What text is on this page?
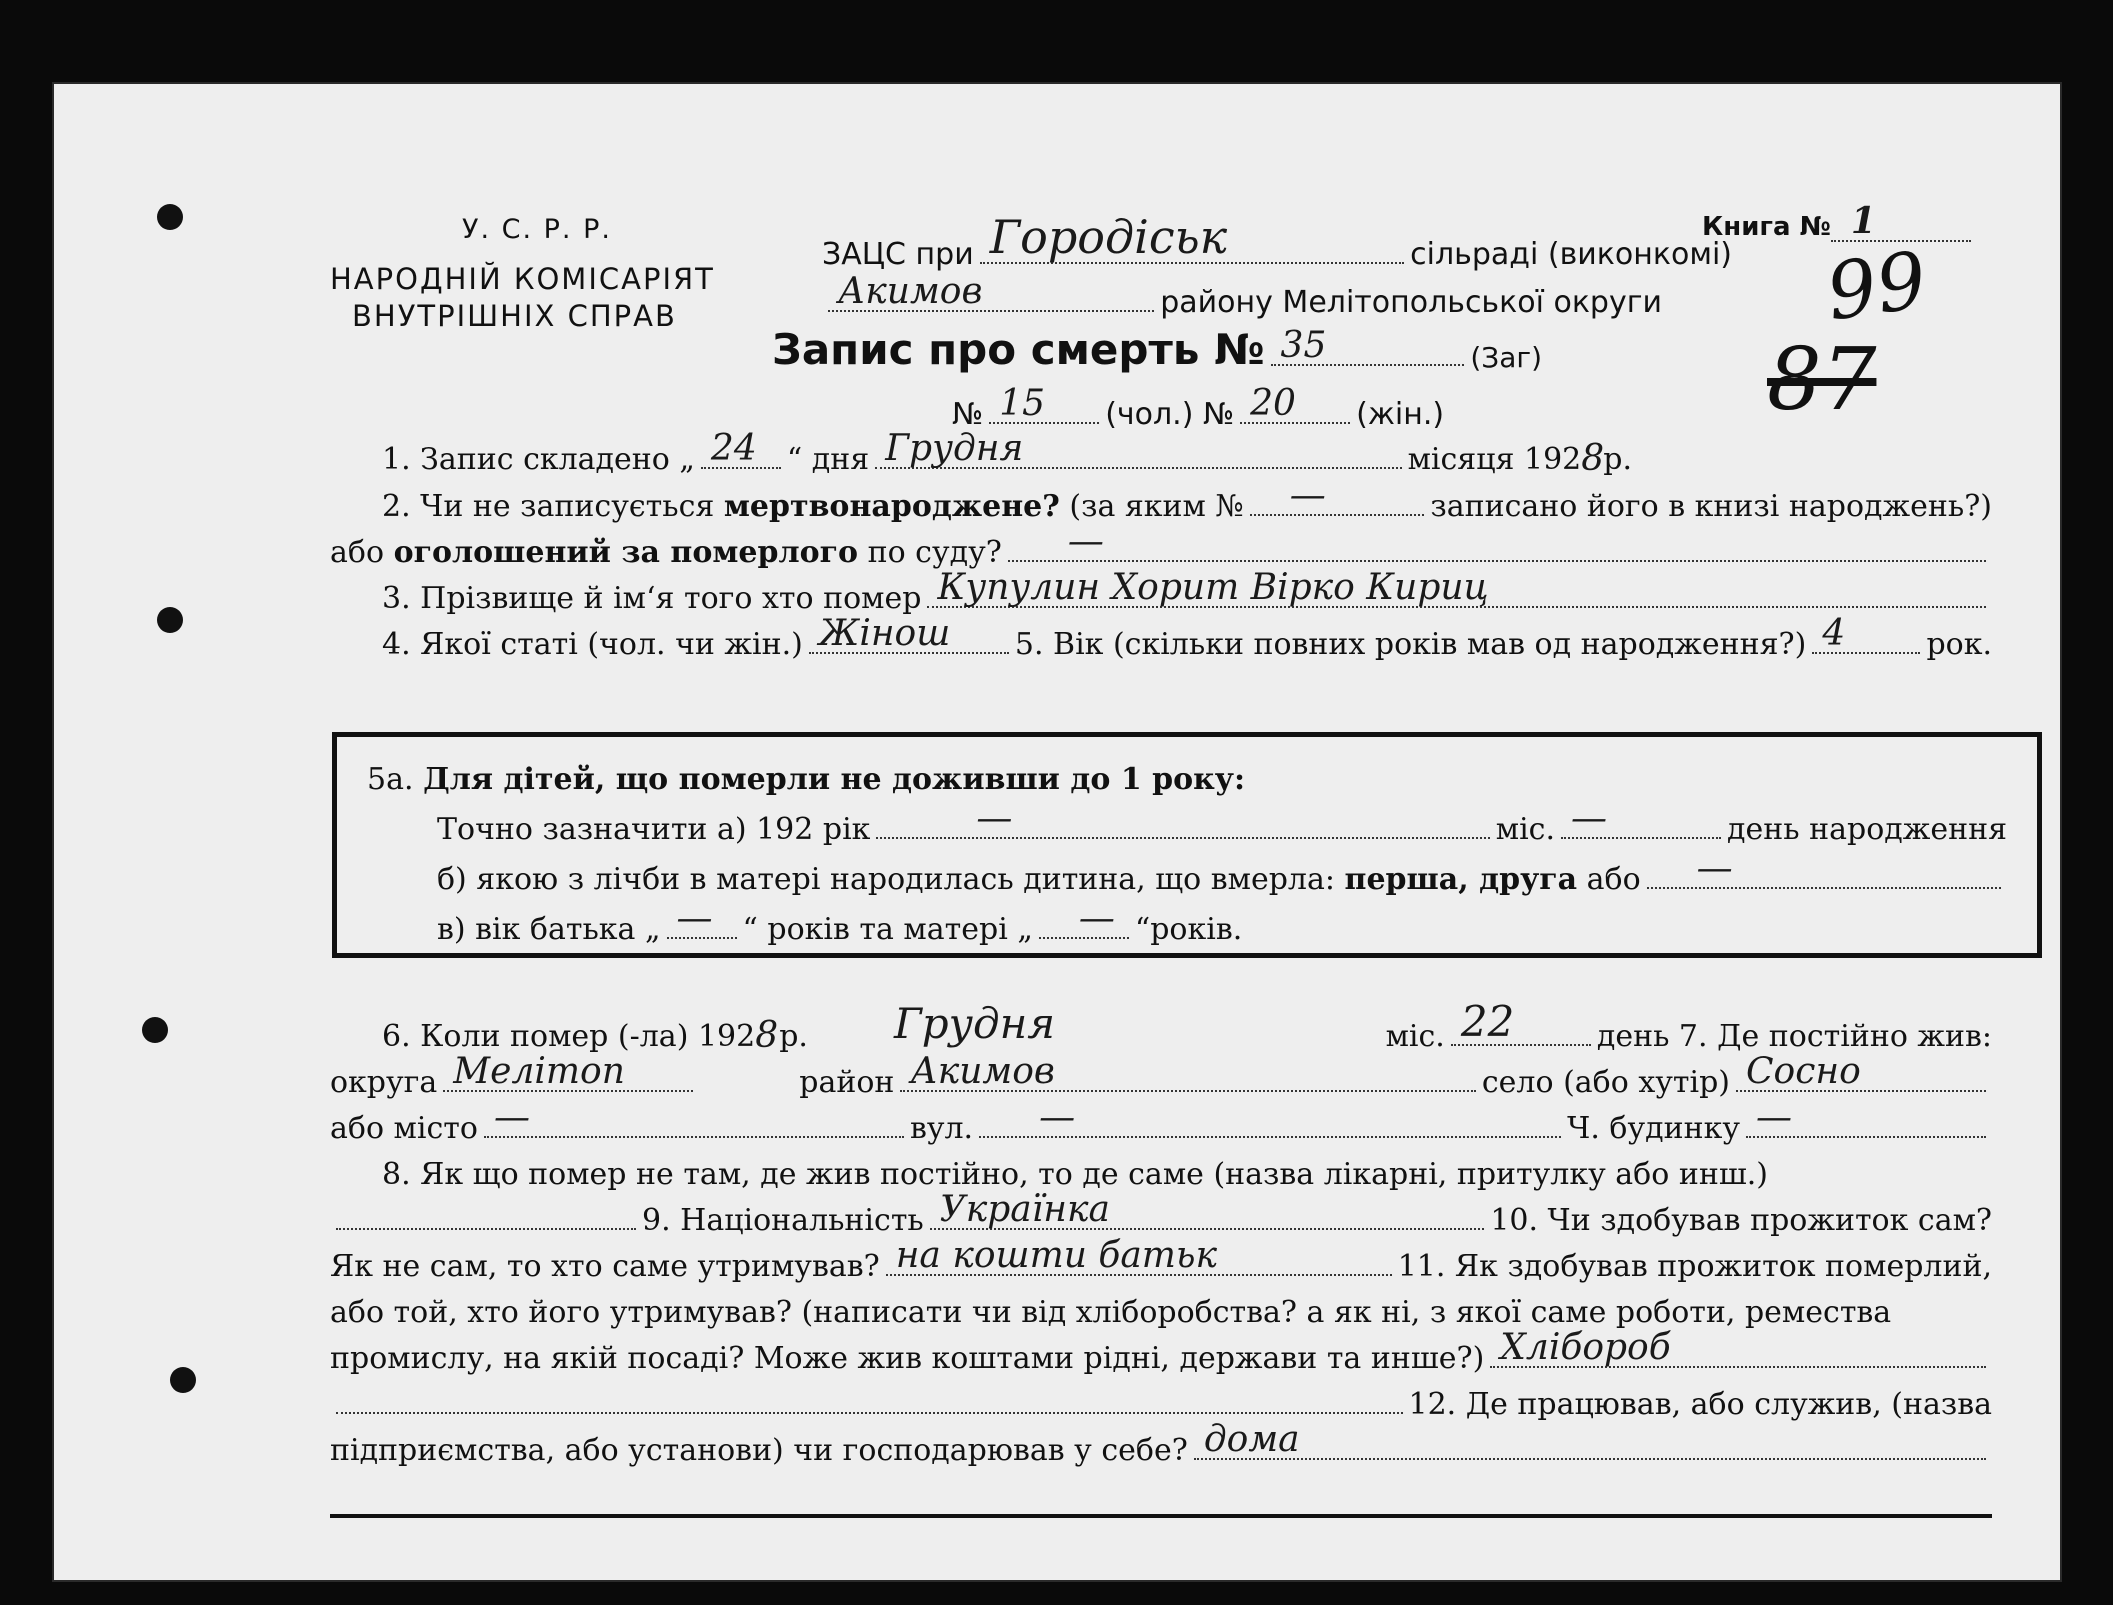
У. С. Р. Р.
НАРОДНІЙ КОМІСАРІЯТ
ВНУТРІШНІХ СПРАВ
Книга № 1
99
87
ЗАЦС при Городіськ	сільраді (виконкомі)
Акимов	району Мелітопольської округи
Запис про смерть № 35	(Заг)
№ 15 (чол.) № 20 (жін.)
1. Запис складено „ 24 “ дня Грудня	місяця 192 8 р.
2. Чи не записується
мертвонароджене?
(за яким № —	записано його в книзі народжень?)
або
оголошений за померлого
по суду? —
3. Прізвище й ім‘я того хто помер Купулин Хорит Вірко Кириц
4. Якої статі (чол. чи жін.) Жінош 5. Вік (скільки повних років мав од народження?) 4	рок.
5а.
Для дітей, що померли не доживши до 1 року:
Точно зазначити а) 192 рік	—	міс. —	день народження
б) якою з лічби в матері народилась дитина, що вмерла:
перша, друга
або —
в) вік батька „ — “ років та матері „ — “років.
6. Коли помер (-ла) 192 8 р. Грудня	міс. 22	день 7. Де постійно жив:
округа Мелітоп	район Акимов	село (або хутір) Сосно
або місто —	вул. —	Ч. будинку —
8. Як що помер не там, де жив постійно, то де саме (назва лікарні, притулку або инш.)
9. Національність Українка	10. Чи здобував прожиток сам?
Як не сам, то хто саме утримував? на кошти батьк	11. Як здобував прожиток померлий,
або той, хто його утримував? (написати чи від хліборобства? а як ні, з якої саме роботи, ремества
промислу, на якій посаді? Може жив коштами рідні, держави та инше?) Хлібороб
12. Де працював, або служив, (назва
підприємства, або установи) чи господарював у себе? дома
